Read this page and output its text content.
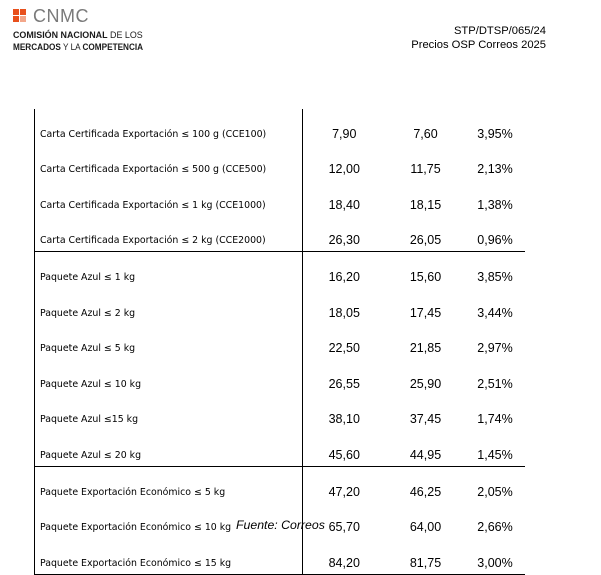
CNMC
COMISIÓN NACIONAL DE LOS
MERCADOS Y LA COMPETENCIA
STP/DTSP/065/24
Precios OSP Correos 2025
Carta Certificada Exportación ≤ 100 g (CCE100)	7,90	7,60	3,95%
Carta Certificada Exportación ≤ 500 g (CCE500)	12,00	11,75	2,13%
Carta Certificada Exportación ≤ 1 kg (CCE1000)	18,40	18,15	1,38%
Carta Certificada Exportación ≤ 2 kg (CCE2000)	26,30	26,05	0,96%
Paquete Azul ≤ 1 kg	16,20	15,60	3,85%
Paquete Azul ≤ 2 kg	18,05	17,45	3,44%
Paquete Azul ≤ 5 kg	22,50	21,85	2,97%
Paquete Azul ≤ 10 kg	26,55	25,90	2,51%
Paquete Azul ≤15 kg	38,10	37,45	1,74%
Paquete Azul ≤ 20 kg	45,60	44,95	1,45%
Paquete Exportación Económico ≤ 5 kg	47,20	46,25	2,05%
Paquete Exportación Económico ≤ 10 kg	65,70	64,00	2,66%
Paquete Exportación Económico ≤ 15 kg	84,20	81,75	3,00%
Fuente: Correos
